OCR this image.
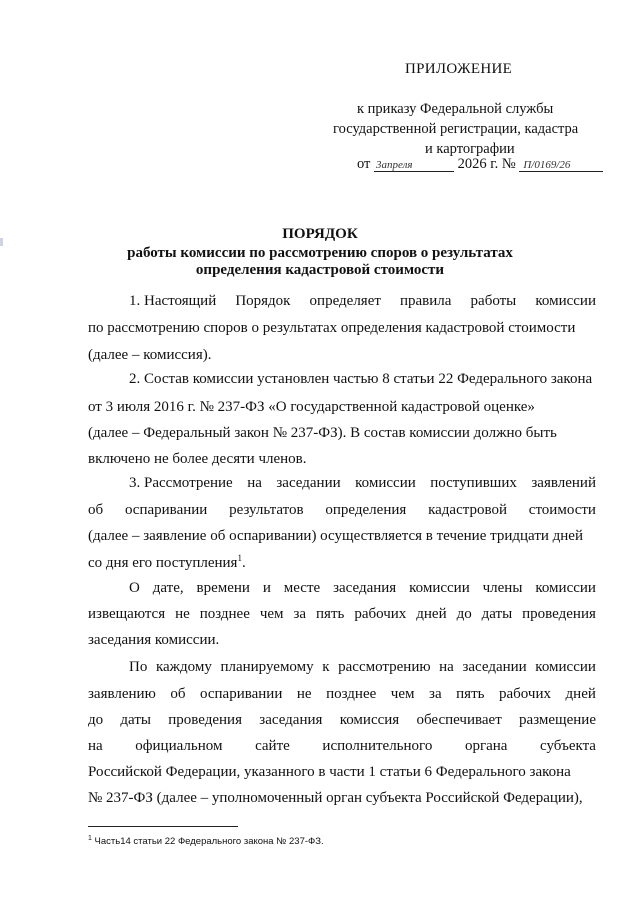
ПРИЛОЖЕНИЕ
к приказу Федеральной службы
государственной регистрации, кадастра
и картографии
от 3апреля	2026 г. № П/0169/26
ПОРЯДОК
работы комиссии по рассмотрению споров о результатах
определения кадастровой стоимости
1. Настоящий Порядок определяет правила работы комиссии
по рассмотрению споров о результатах определения кадастровой стоимости
(далее – комиссия).
2. Состав комиссии установлен частью 8 статьи 22 Федерального закона
от 3 июля 2016 г. № 237-ФЗ «О государственной кадастровой оценке»
(далее – Федеральный закон № 237-ФЗ). В состав комиссии должно быть
включено не более десяти членов.
3. Рассмотрение на заседании комиссии поступивших заявлений
об оспаривании результатов определения кадастровой стоимости
(далее – заявление об оспаривании) осуществляется в течение тридцати дней
со дня его поступления$^1$.
О дате, времени и месте заседания комиссии члены комиссии
извещаются не позднее чем за пять рабочих дней до даты проведения
заседания комиссии.
По каждому планируемому к рассмотрению на заседании комиссии
заявлению об оспаривании не позднее чем за пять рабочих дней
до даты проведения заседания комиссия обеспечивает размещение
на официальном сайте исполнительного органа субъекта
Российской Федерации, указанного в части 1 статьи 6 Федерального закона
№ 237-ФЗ (далее – уполномоченный орган субъекта Российской Федерации),
$^1$ Часть14 статьи 22 Федерального закона № 237-ФЗ.
